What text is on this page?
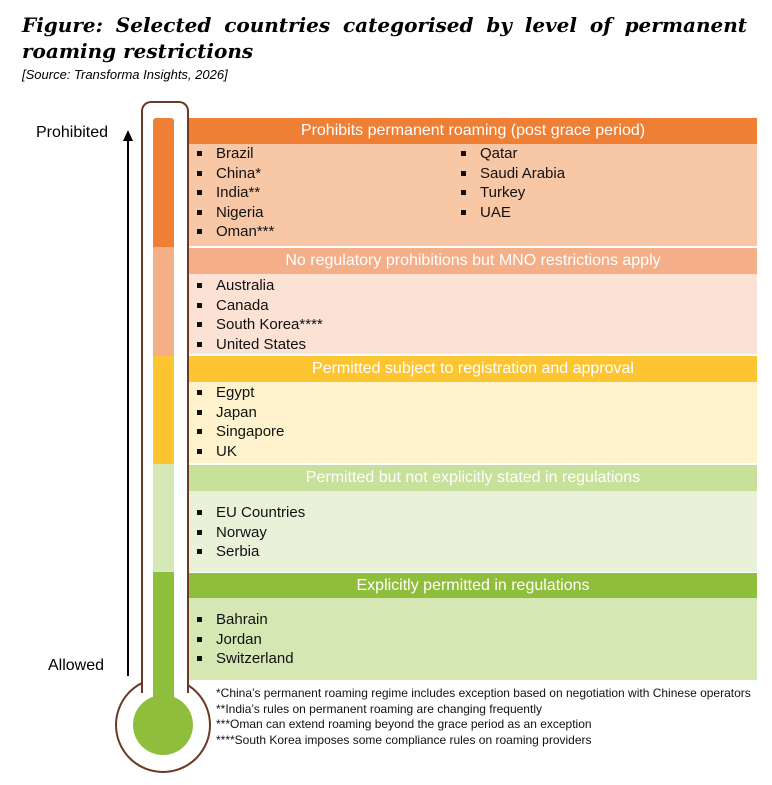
Figure: Selected countries categorised by level of permanent roaming restrictions
[Source: Transforma Insights, 2026]
Prohibited
Allowed
Prohibits permanent roaming (post grace period)
Brazil
China*
India**
Nigeria
Oman***
Qatar
Saudi Arabia
Turkey
UAE
No regulatory prohibitions but MNO restrictions apply
Australia
Canada
South Korea****
United States
Permitted subject to registration and approval
Egypt
Japan
Singapore
UK
Permitted but not explicitly stated in regulations
EU Countries
Norway
Serbia
Explicitly permitted in regulations
Bahrain
Jordan
Switzerland
*China’s permanent roaming regime includes exception based on negotiation with Chinese operators
**India’s rules on permanent roaming are changing frequently
***Oman can extend roaming beyond the grace period as an exception
****South Korea imposes some compliance rules on roaming providers
